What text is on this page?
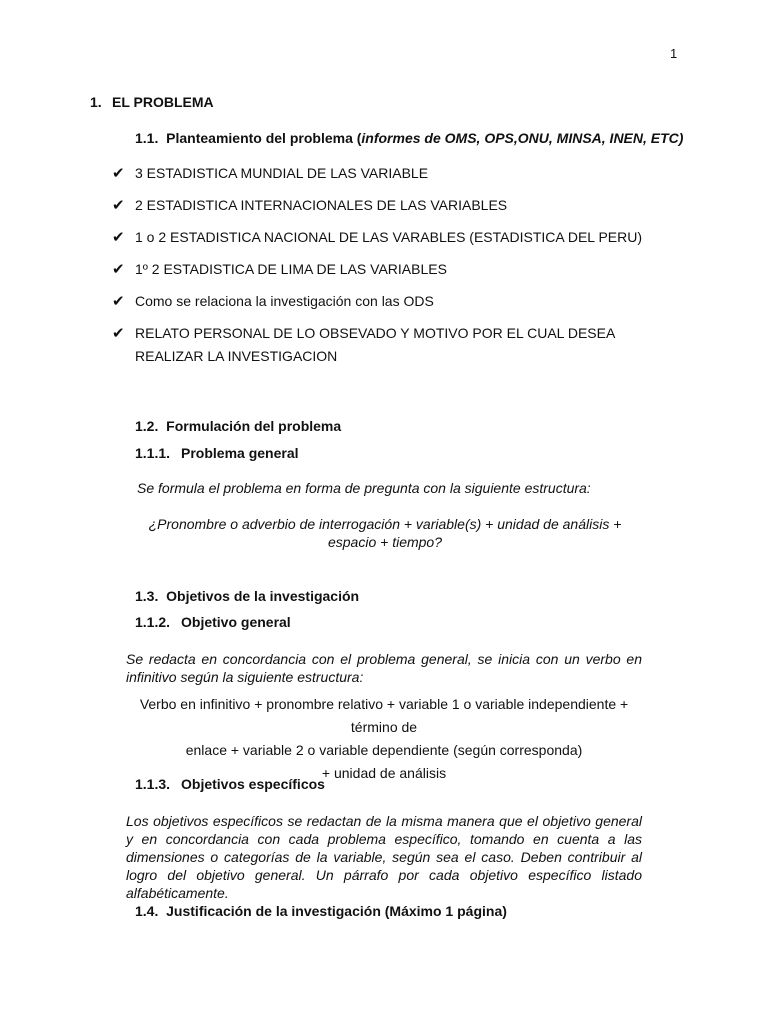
1
1. EL PROBLEMA
1.1. Planteamiento del problema (informes de OMS, OPS,ONU, MINSA, INEN, ETC)
✔ 3 ESTADISTICA MUNDIAL DE LAS VARIABLE
✔ 2 ESTADISTICA INTERNACIONALES DE LAS VARIABLES
✔ 1 o 2 ESTADISTICA NACIONAL DE LAS VARABLES (ESTADISTICA DEL PERU)
✔ 1º 2 ESTADISTICA DE LIMA DE LAS VARIABLES
✔ Como se relaciona la investigación con las ODS
✔ RELATO PERSONAL DE LO OBSEVADO Y MOTIVO POR EL CUAL DESEA REALIZAR LA INVESTIGACION
1.2. Formulación del problema
1.1.1. Problema general
Se formula el problema en forma de pregunta con la siguiente estructura:
¿Pronombre o adverbio de interrogación + variable(s) + unidad de análisis + espacio + tiempo?
1.3. Objetivos de la investigación
1.1.2. Objetivo general
Se redacta en concordancia con el problema general, se inicia con un verbo en infinitivo según la siguiente estructura:
Verbo en infinitivo + pronombre relativo + variable 1 o variable independiente + término de
enlace + variable 2 o variable dependiente (según corresponda)
+ unidad de análisis
1.1.3. Objetivos específicos
Los objetivos específicos se redactan de la misma manera que el objetivo general y en concordancia con cada problema específico, tomando en cuenta a las dimensiones o categorías de la variable, según sea el caso. Deben contribuir al logro del objetivo general. Un párrafo por cada objetivo específico listado alfabéticamente.
1.4. Justificación de la investigación (Máximo 1 página)
